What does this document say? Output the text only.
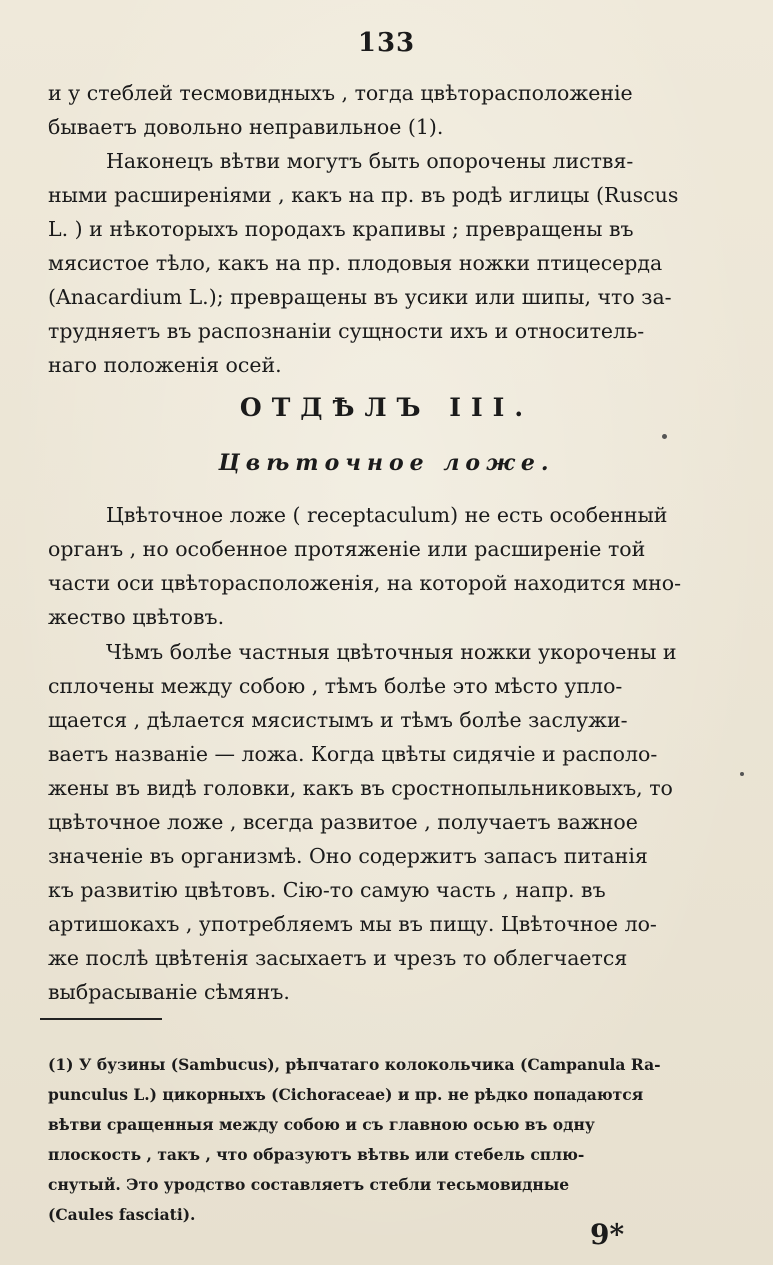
133

и у стеблей тесмовидныхъ , тогда цвѣторасположеніе
бываетъ довольно неправильное (1).

Наконецъ вѣтви могутъ быть опорочены листвя-
ными расширеніями , какъ на пр. въ родѣ иглицы (Ruscus
L. ) и нѣкоторыхъ породахъ крапивы ; превращены въ
мясистое тѣло, какъ на пр. плодовыя ножки птицесерда
(Anacardium L.); превращены въ усики или шипы, что за-
трудняетъ въ распознаніи сущности ихъ и относитель-
наго положенія осей.

ОТДѢЛЪ III.
Цвѣточное ложе.

Цвѣточное ложе ( receptaculum) не есть особенный
органъ , но особенное протяженіе или расширеніе той
части оси цвѣторасположенія, на которой находится мно-
жество цвѣтовъ.

Чѣмъ болѣе частныя цвѣточныя ножки укорочены и
сплочены между собою , тѣмъ болѣе это мѣсто упло-
щается , дѣлается мясистымъ и тѣмъ болѣе заслужи-
ваетъ названіе — ложа. Когда цвѣты сидячіе и располо-
жены въ видѣ головки, какъ въ сростнопыльниковыхъ, то
цвѣточное ложе , всегда развитое , получаетъ важное
значеніе въ организмѣ. Оно содержитъ запасъ питанія
къ развитію цвѣтовъ. Сію-то самую часть , напр. въ
артишокахъ , употребляемъ мы въ пищу. Цвѣточное ло-
же послѣ цвѣтенія засыхаетъ и чрезъ то облегчается
выбрасываніе сѣмянъ.

(1) У бузины (Sambucus), рѣпчатаго колокольчика (Campanula Ra-
punculus L.) цикорныхъ (Cichoraceae) и пр. не рѣдко попадаются
вѣтви сращенныя между собою и съ главною осью въ одну
плоскость , такъ , что образуютъ вѣтвь или стебель сплю-
снутый. Это уродство составляетъ стебли тесьмовидные
(Caules fasciati).

9*
